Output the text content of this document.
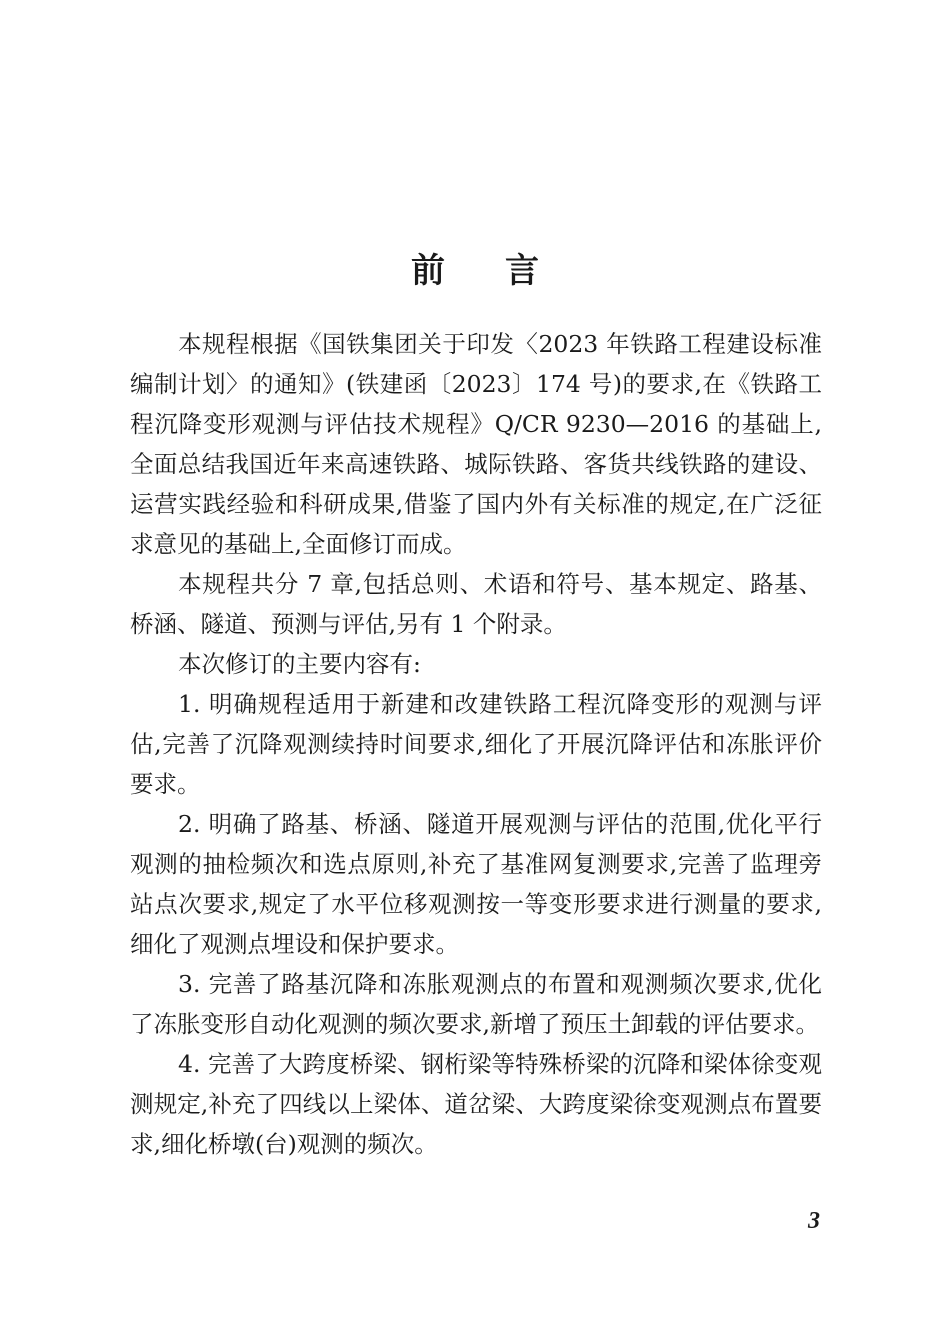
前言

本规程根据《国铁集团关于印发〈2023 年铁路工程建设标准编制计划〉的通知》(铁建函〔2023〕174 号)的要求,在《铁路工程沉降变形观测与评估技术规程》Q/CR 9230—2016 的基础上,全面总结我国近年来高速铁路、城际铁路、客货共线铁路的建设、运营实践经验和科研成果,借鉴了国内外有关标准的规定,在广泛征求意见的基础上,全面修订而成。

本规程共分 7 章,包括总则、术语和符号、基本规定、路基、桥涵、隧道、预测与评估,另有 1 个附录。

本次修订的主要内容有:

1. 明确规程适用于新建和改建铁路工程沉降变形的观测与评估,完善了沉降观测续持时间要求,细化了开展沉降评估和冻胀评价要求。

2. 明确了路基、桥涵、隧道开展观测与评估的范围,优化平行观测的抽检频次和选点原则,补充了基准网复测要求,完善了监理旁站点次要求,规定了水平位移观测按一等变形要求进行测量的要求,细化了观测点埋设和保护要求。

3. 完善了路基沉降和冻胀观测点的布置和观测频次要求,优化了冻胀变形自动化观测的频次要求,新增了预压土卸载的评估要求。

4. 完善了大跨度桥梁、钢桁梁等特殊桥梁的沉降和梁体徐变观测规定,补充了四线以上梁体、道岔梁、大跨度梁徐变观测点布置要求,细化桥墩(台)观测的频次。

3
